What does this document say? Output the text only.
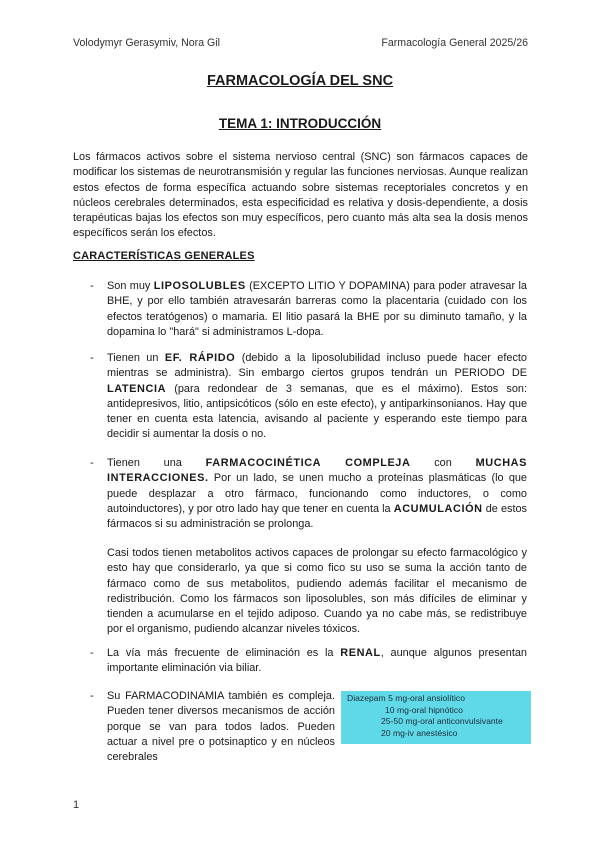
Volodymyr Gerasymiv, Nora Gil	Farmacología General 2025/26
FARMACOLOGÍA DEL SNC
TEMA 1: INTRODUCCIÓN
Los fármacos activos sobre el sistema nervioso central (SNC) son fármacos capaces de modificar los sistemas de neurotransmisión y regular las funciones nerviosas. Aunque realizan estos efectos de forma específica actuando sobre sistemas receptoriales concretos y en núcleos cerebrales determinados, esta especificidad es relativa y dosis-dependiente, a dosis terapéuticas bajas los efectos son muy específicos, pero cuanto más alta sea la dosis menos específicos serán los efectos.
CARACTERÍSTICAS GENERALES
- Son muy LIPOSOLUBLES (EXCEPTO LITIO Y DOPAMINA) para poder atravesar la BHE, y por ello también atravesarán barreras como la placentaria (cuidado con los efectos teratógenos) o mamaria. El litio pasará la BHE por su diminuto tamaño, y la dopamina lo "hará" si administramos L-dopa.
- Tienen un EF. RÁPIDO (debido a la liposolubilidad incluso puede hacer efecto mientras se administra). Sin embargo ciertos grupos tendrán un PERIODO DE LATENCIA (para redondear de 3 semanas, que es el máximo). Estos son: antidepresivos, litio, antipsicóticos (sólo en este efecto), y antiparkinsonianos. Hay que tener en cuenta esta latencia, avisando al paciente y esperando este tiempo para decidir si aumentar la dosis o no.
- Tienen una FARMACOCINÉTICA COMPLEJA con MUCHAS INTERACCIONES. Por un lado, se unen mucho a proteínas plasmáticas (lo que puede desplazar a otro fármaco, funcionando como inductores, o como autoinductores), y por otro lado hay que tener en cuenta la ACUMULACIÓN de estos fármacos si su administración se prolonga.
Casi todos tienen metabolitos activos capaces de prolongar su efecto farmacológico y esto hay que considerarlo, ya que si como fico su uso se suma la acción tanto de fármaco como de sus metabolitos, pudiendo además facilitar el mecanismo de redistribución. Como los fármacos son liposolubles, son más difíciles de eliminar y tienden a acumularse en el tejido adiposo. Cuando ya no cabe más, se redistribuye por el organismo, pudiendo alcanzar niveles tóxicos.
- La vía más frecuente de eliminación es la RENAL, aunque algunos presentan importante eliminación via biliar.
- Su FARMACODINAMIA también es compleja. Pueden tener diversos mecanismos de acción porque se van para todos lados. Pueden actuar a nivel pre o potsinaptico y en núcleos cerebrales
Diazepam 5 mg-oral ansiolítico
10 mg-oral hipnótico
25-50 mg-oral anticonvulsivante
20 mg-iv anestésico
1
